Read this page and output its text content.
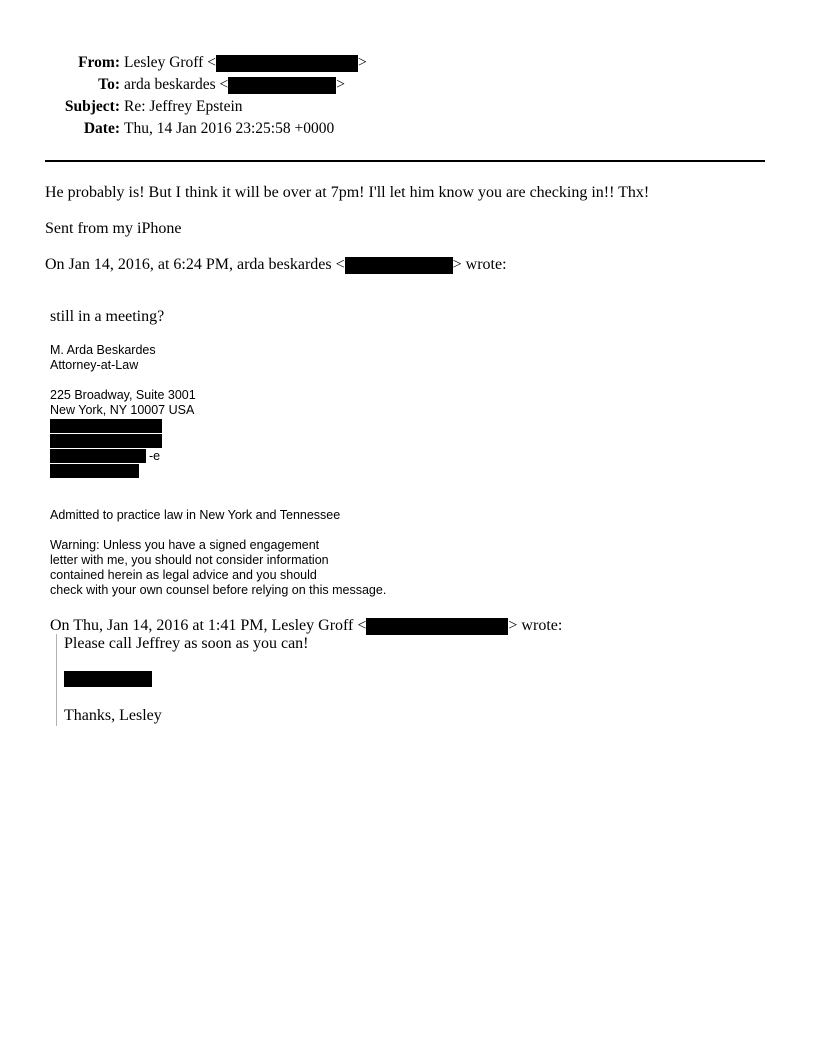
From: Lesley Groff <	>
To: arda beskardes <	>
Subject: Re: Jeffrey Epstein
Date: Thu, 14 Jan 2016 23:25:58 +0000
He probably is! But I think it will be over at 7pm! I'll let him know you are checking in!! Thx!
Sent from my iPhone
On Jan 14, 2016, at 6:24 PM, arda beskardes <	> wrote:
still in a meeting?
M. Arda Beskardes
Attorney-at-Law
225 Broadway, Suite 3001
New York, NY 10007 USA
-e
Admitted to practice law in New York and Tennessee
Warning: Unless you have a signed engagement
letter with me, you should not consider information
contained herein as legal advice and you should
check with your own counsel before relying on this message.
On Thu, Jan 14, 2016 at 1:41 PM, Lesley Groff <	> wrote:
Please call Jeffrey as soon as you can!
Thanks, Lesley
